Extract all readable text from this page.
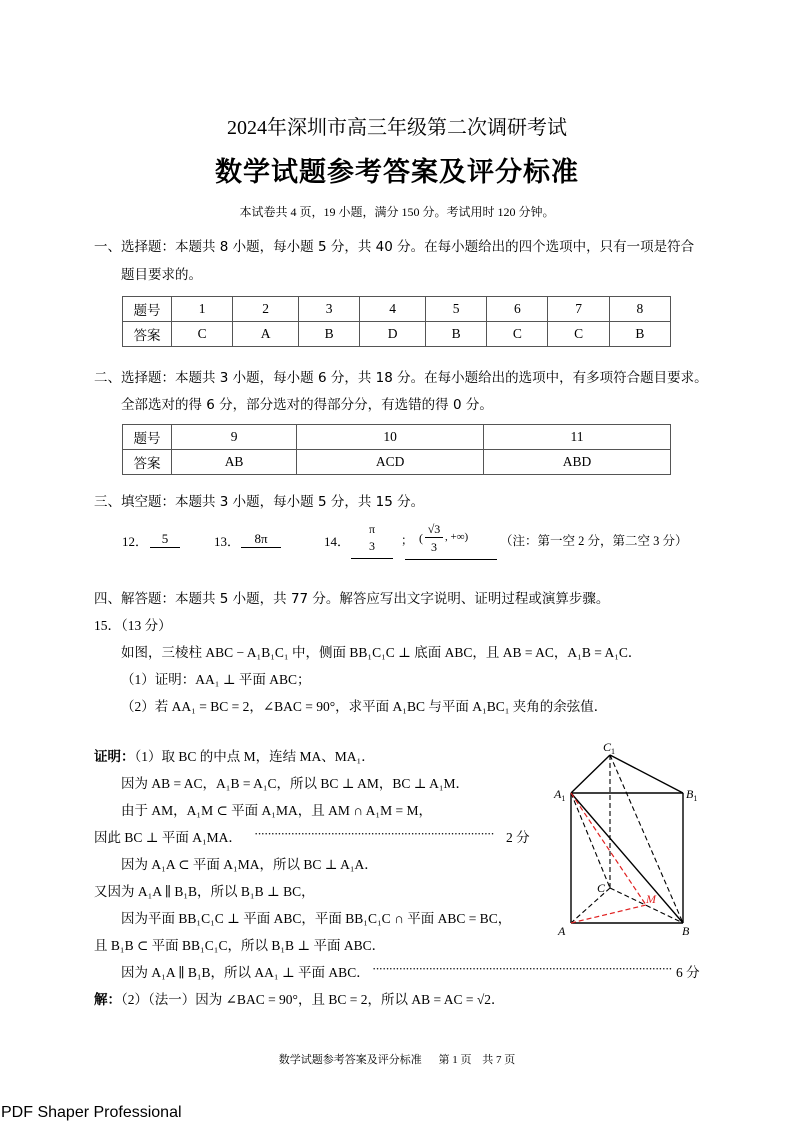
2024年深圳市高三年级第二次调研考试
数学试题参考答案及评分标准
本试卷共 4 页，19 小题，满分 150 分。考试用时 120 分钟。
一、选择题：本题共 8 小题，每小题 5 分，共 40 分。在每小题给出的四个选项中，只有一项是符合
题目要求的。
题号	1	2	3	4	5	6	7	8
答案	C	A	B	D	B	C	C	B
二、选择题：本题共 3 小题，每小题 6 分，共 18 分。在每小题给出的选项中，有多项符合题目要求。
全部选对的得 6 分，部分选对的得部分分，有选错的得 0 分。
题号	9	10	11
答案	AB	ACD	ABD
三、填空题：本题共 3 小题，每小题 5 分，共 15 分。
12．	5	13．	8π	14．
π
3	； (
√3
3
, +∞)	（注：第一空 2 分，第二空 3 分）
四、解答题：本题共 5 小题，共 77 分。解答应写出文字说明、证明过程或演算步骤。
15．（13 分）
如图，三棱柱 ABC − A₁B₁C₁ 中，侧面 BB₁C₁C ⊥ 底面 ABC，且 AB = AC，A₁B = A₁C．
（1）证明：AA₁ ⊥ 平面 ABC；
（2）若 AA₁ = BC = 2，∠BAC = 90°，求平面 A₁BC 与平面 A₁BC₁ 夹角的余弦值．
证明：（1）取 BC 的中点 M，连结 MA、MA₁．
因为 AB = AC，A₁B = A₁C，所以 BC ⊥ AM，BC ⊥ A₁M．
由于 AM，A₁M ⊂ 平面 A₁MA，且 AM ∩ A₁M = M，
因此 BC ⊥ 平面 A₁MA． ········································································ 2 分
因为 A₁A ⊂ 平面 A₁MA，所以 BC ⊥ A₁A．
又因为 A₁A ∥ B₁B，所以 B₁B ⊥ BC，
因为平面 BB₁C₁C ⊥ 平面 ABC，平面 BB₁C₁C ∩ 平面 ABC = BC，
且 B₁B ⊂ 平面 BB₁C₁C，所以 B₁B ⊥ 平面 ABC．
因为 A₁A ∥ B₁B，所以 AA₁ ⊥ 平面 ABC． ·························································································· 6 分
解：（2）（法一）因为 ∠BAC = 90°，且 BC = 2，所以 AB = AC = √2．
$C_1$
$A_1$	$B_1$
C
M
A	B
数学试题参考答案及评分标准 第 1 页 共 7 页
PDF Shaper Professional
